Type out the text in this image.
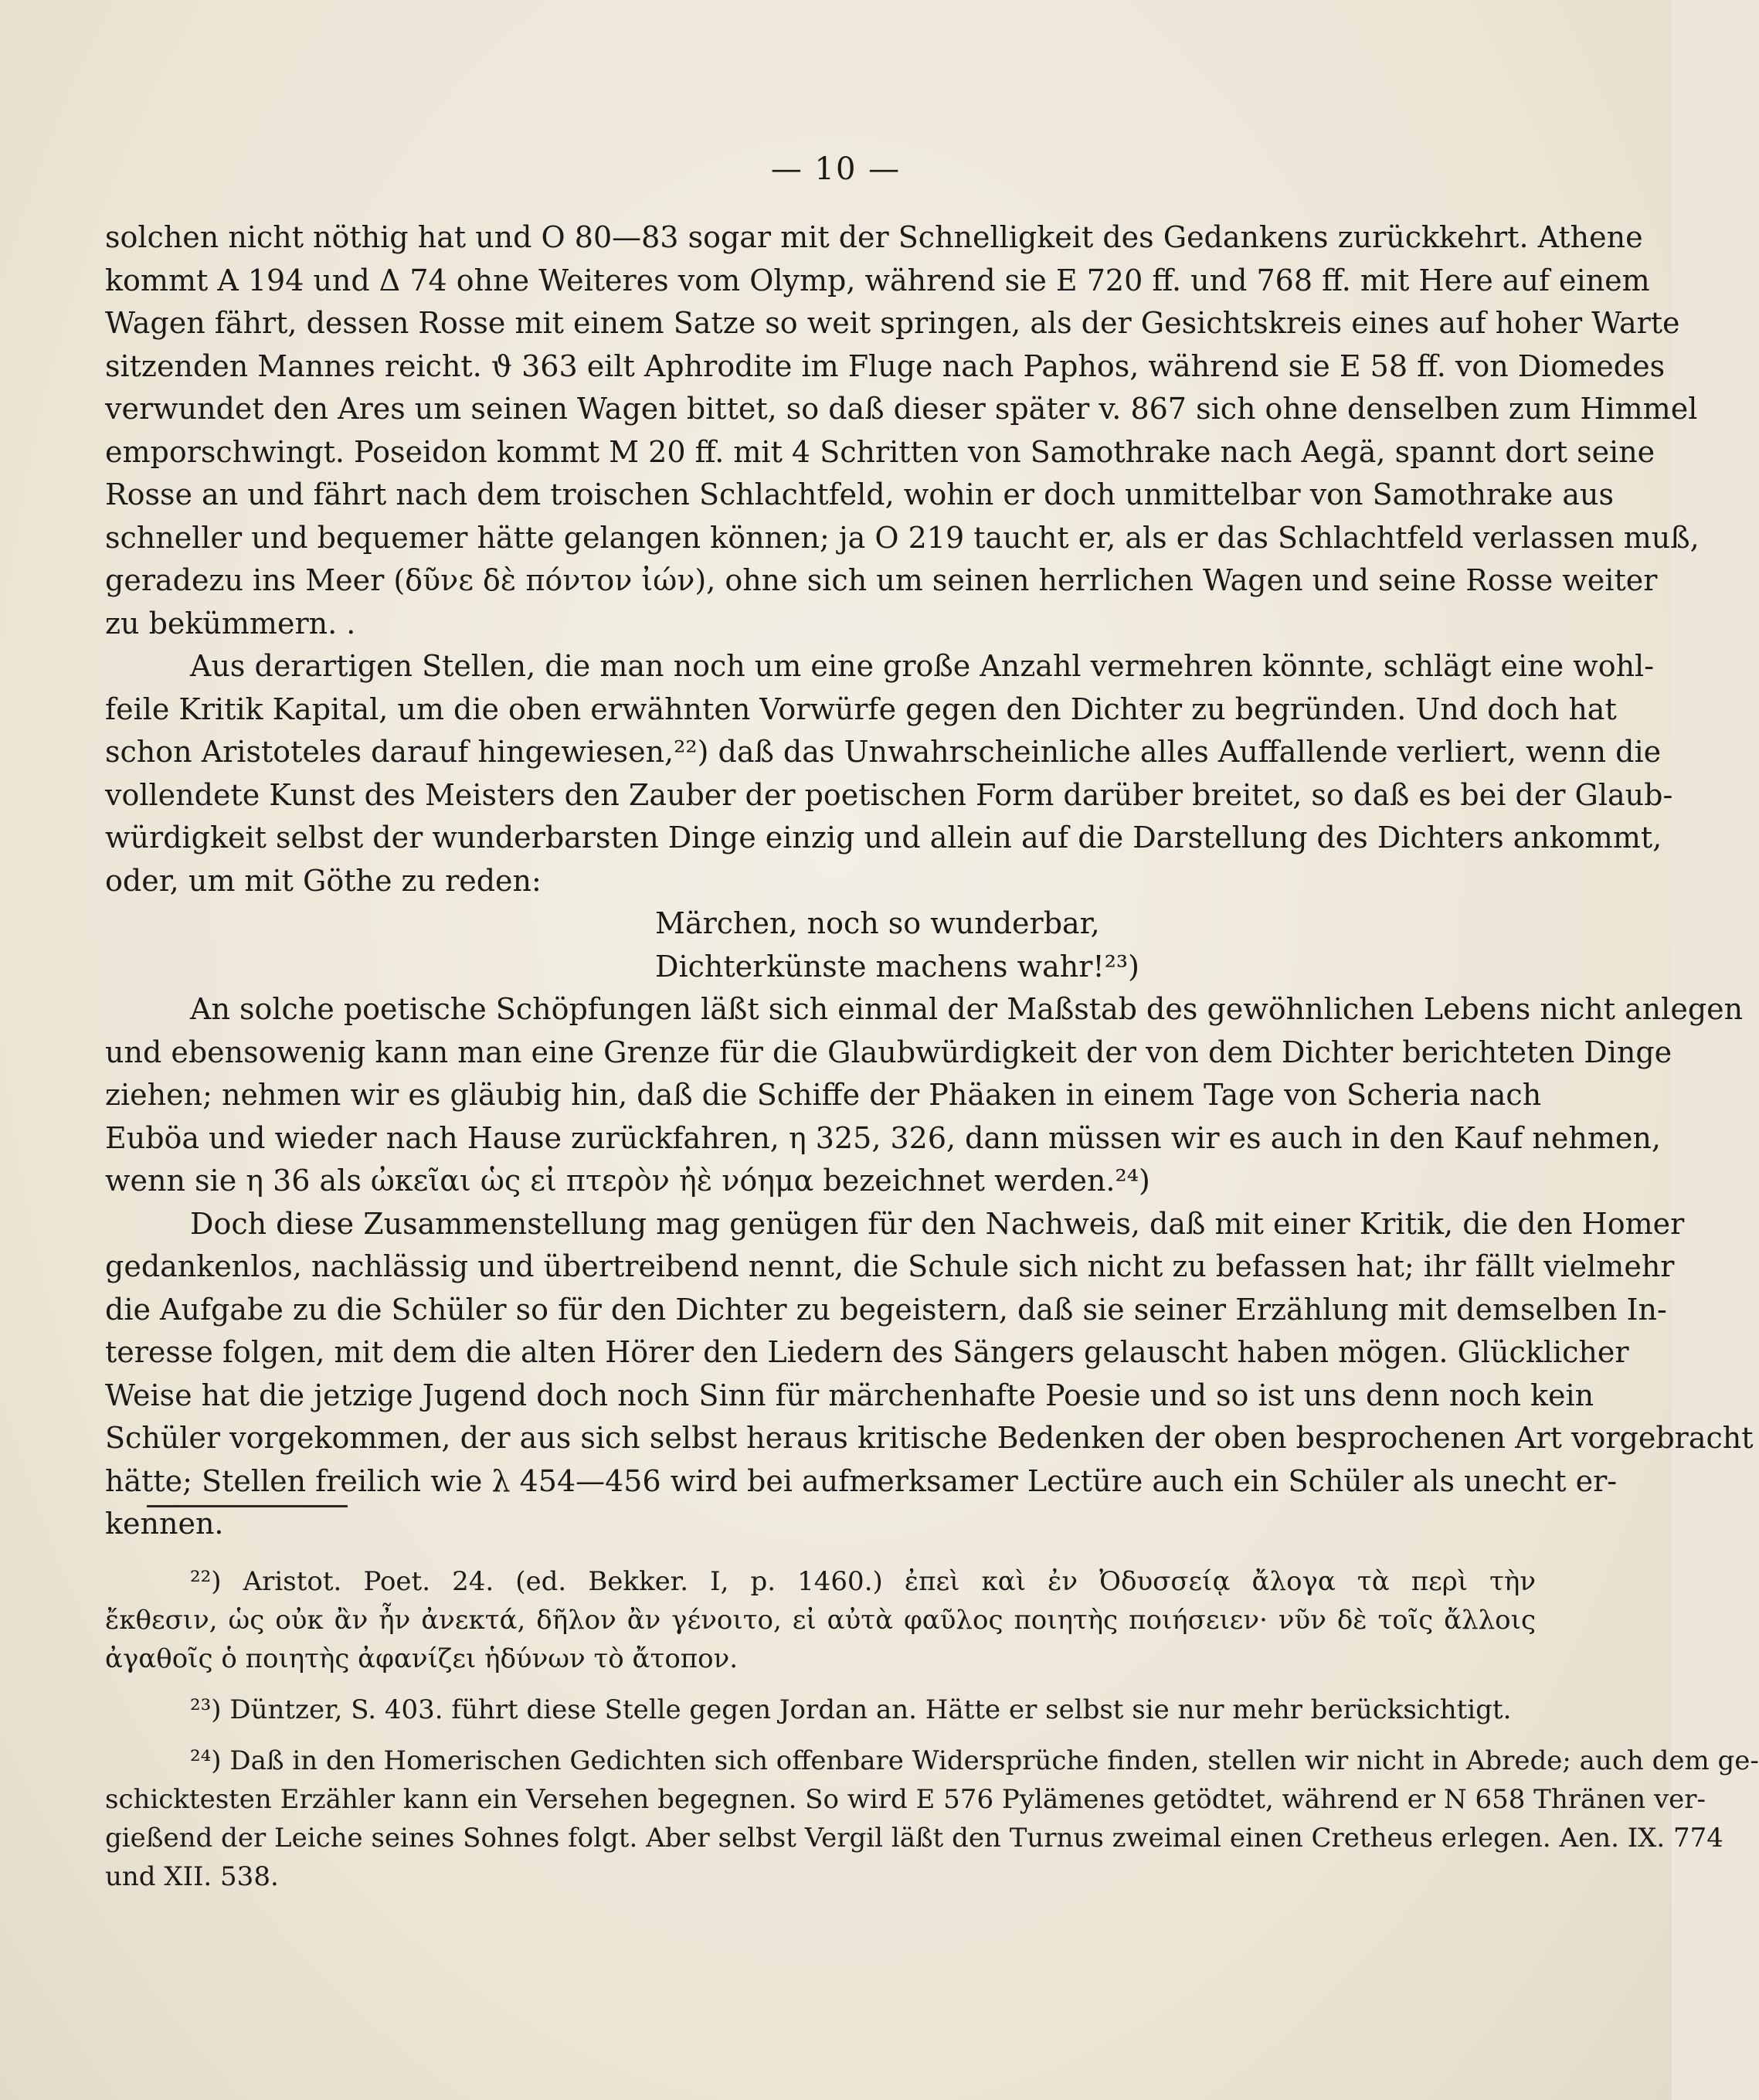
— 10 —
solchen nicht nöthig hat und O 80—83 sogar mit der Schnelligkeit des Gedankens zurückkehrt. Athene
kommt A 194 und Δ 74 ohne Weiteres vom Olymp, während sie E 720 ff. und 768 ff. mit Here auf einem
Wagen fährt, dessen Rosse mit einem Satze so weit springen, als der Gesichtskreis eines auf hoher Warte
sitzenden Mannes reicht. ϑ 363 eilt Aphrodite im Fluge nach Paphos, während sie E 58 ff. von Diomedes
verwundet den Ares um seinen Wagen bittet, so daß dieser später v. 867 sich ohne denselben zum Himmel
emporschwingt. Poseidon kommt M 20 ff. mit 4 Schritten von Samothrake nach Aegä, spannt dort seine
Rosse an und fährt nach dem troischen Schlachtfeld, wohin er doch unmittelbar von Samothrake aus
schneller und bequemer hätte gelangen können; ja O 219 taucht er, als er das Schlachtfeld verlassen muß,
geradezu ins Meer (δῦνε δὲ πόντον ἰών), ohne sich um seinen herrlichen Wagen und seine Rosse weiter
zu bekümmern. .
Aus derartigen Stellen, die man noch um eine große Anzahl vermehren könnte, schlägt eine wohl-
feile Kritik Kapital, um die oben erwähnten Vorwürfe gegen den Dichter zu begründen. Und doch hat
schon Aristoteles darauf hingewiesen,²²) daß das Unwahrscheinliche alles Auffallende verliert, wenn die
vollendete Kunst des Meisters den Zauber der poetischen Form darüber breitet, so daß es bei der Glaub-
würdigkeit selbst der wunderbarsten Dinge einzig und allein auf die Darstellung des Dichters ankommt,
oder, um mit Göthe zu reden:
Märchen, noch so wunderbar,
Dichterkünste machens wahr!²³)
An solche poetische Schöpfungen läßt sich einmal der Maßstab des gewöhnlichen Lebens nicht anlegen
und ebensowenig kann man eine Grenze für die Glaubwürdigkeit der von dem Dichter berichteten Dinge
ziehen; nehmen wir es gläubig hin, daß die Schiffe der Phäaken in einem Tage von Scheria nach
Euböa und wieder nach Hause zurückfahren, η 325, 326, dann müssen wir es auch in den Kauf nehmen,
wenn sie η 36 als ὠκεῖαι ὡς εἰ πτερὸν ἠὲ νόημα bezeichnet werden.²⁴)
Doch diese Zusammenstellung mag genügen für den Nachweis, daß mit einer Kritik, die den Homer
gedankenlos, nachlässig und übertreibend nennt, die Schule sich nicht zu befassen hat; ihr fällt vielmehr
die Aufgabe zu die Schüler so für den Dichter zu begeistern, daß sie seiner Erzählung mit demselben In-
teresse folgen, mit dem die alten Hörer den Liedern des Sängers gelauscht haben mögen. Glücklicher
Weise hat die jetzige Jugend doch noch Sinn für märchenhafte Poesie und so ist uns denn noch kein
Schüler vorgekommen, der aus sich selbst heraus kritische Bedenken der oben besprochenen Art vorgebracht
hätte; Stellen freilich wie λ 454—456 wird bei aufmerksamer Lectüre auch ein Schüler als unecht er-
kennen.
²²) Aristot. Poet. 24. (ed. Bekker. I, p. 1460.) ἐπεὶ καὶ ἐν Ὀδυσσείᾳ ἄλογα τὰ περὶ τὴν
ἔκθεσιν, ὡς οὐκ ἂν ἦν ἀνεκτά, δῆλον ἂν γένοιτο, εἰ αὐτὰ φαῦλος ποιητὴς ποιήσειεν· νῦν δὲ τοῖς ἄλλοις
ἀγαθοῖς ὁ ποιητὴς ἀφανίζει ἡδύνων τὸ ἄτοπον.
²³) Düntzer, S. 403. führt diese Stelle gegen Jordan an. Hätte er selbst sie nur mehr berücksichtigt.
²⁴) Daß in den Homerischen Gedichten sich offenbare Widersprüche finden, stellen wir nicht in Abrede; auch dem ge-
schicktesten Erzähler kann ein Versehen begegnen. So wird E 576 Pylämenes getödtet, während er N 658 Thränen ver-
gießend der Leiche seines Sohnes folgt. Aber selbst Vergil läßt den Turnus zweimal einen Cretheus erlegen. Aen. IX. 774
und XII. 538.
